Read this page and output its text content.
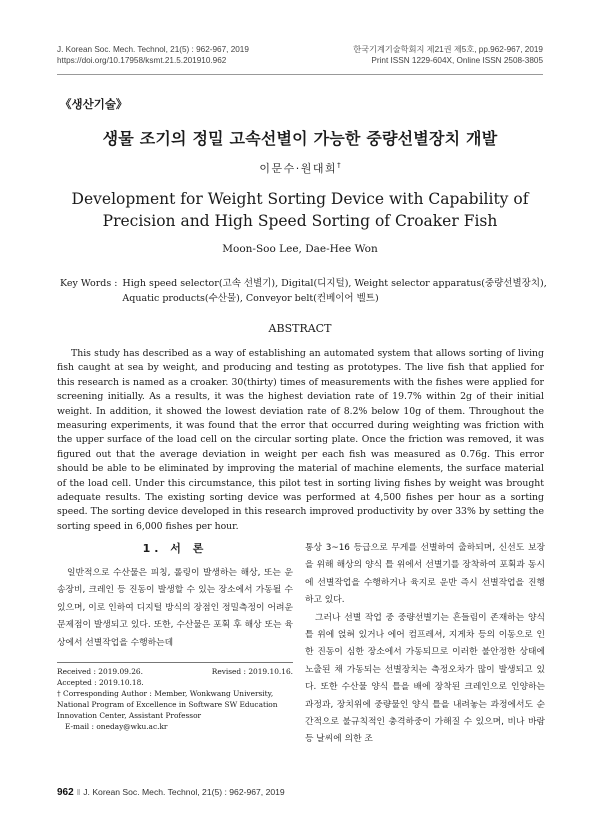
J. Korean Soc. Mech. Technol, 21(5) : 962-967, 2019	한국기계기술학회지 제21권 제5호, pp.962-967, 2019
https://doi.org/10.17958/ksmt.21.5.201910.962	Print ISSN 1229-604X, Online ISSN 2508-3805
《생산기술》
생물 조기의 정밀 고속선별이 가능한 중량선별장치 개발
이문수·원대희†
Development for Weight Sorting Device with Capability of
Precision and High Speed Sorting of Croaker Fish
Moon-Soo Lee, Dae-Hee Won
Key Words : High speed selector(고속 선별기), Digital(디지털), Weight selector apparatus(중량선별장치), Aquatic products(수산물), Conveyor belt(컨베이어 벨트)
ABSTRACT

This study has described as a way of establishing an automated system that allows sorting of living fish caught at sea by weight, and producing and testing as prototypes. The live fish that applied for this research is named as a croaker. 30(thirty) times of measurements with the fishes were applied for screening initially. As a results, it was the highest deviation rate of 19.7% within 2g of their initial weight. In addition, it showed the lowest deviation rate of 8.2% below 10g of them. Throughout the measuring experiments, it was found that the error that occurred during weighting was friction with the upper surface of the load cell on the circular sorting plate. Once the friction was removed, it was figured out that the average deviation in weight per each fish was measured as 0.76g. This error should be able to be eliminated by improving the material of machine elements, the surface material of the load cell. Under this circumstance, this pilot test in sorting living fishes by weight was brought adequate results. The existing sorting device was performed at 4,500 fishes per hour as a sorting speed. The sorting device developed in this research improved productivity by over 33% by setting the sorting speed in 6,000 fishes per hour.

1. 서 론

일반적으로 수산물은 피칭, 롤링이 발생하는 해상, 또는 운송장비, 크레인 등 진동이 발생할 수 있는 장소에서 가동될 수 있으며, 이로 인하여 디지털 방식의 장점인 정밀측정이 어려운 문제점이 발생되고 있다. 또한, 수산물은 포획 후 해상 또는 육상에서 선별작업을 수행하는데

Received : 2019.09.26.	Revised : 2019.10.16.
Accepted : 2019.10.18.
† Corresponding Author : Member, Wonkwang University, National Program of Excellence in Software SW Education Innovation Center, Assistant Professor
E-mail : oneday@wku.ac.kr

통상 3~16 등급으로 무게를 선별하여 출하되며, 신선도 보장을 위해 해상의 양식 틀 위에서 선별기를 장착하여 포획과 동시에 선별작업을 수행하거나 육지로 운반 즉시 선별작업을 진행하고 있다.

그러나 선별 작업 중 중량선별기는 흔들림이 존재하는 양식 틀 위에 얹혀 있거나 에어 컴프레셔, 지게차 등의 이동으로 인한 진동이 심한 장소에서 가동되므로 이러한 불안정한 상태에 노출된 채 가동되는 선별장치는 측정오차가 많이 발생되고 있다. 또한 수산물 양식 틀을 배에 장착된 크레인으로 인양하는 과정과, 장치위에 중량물인 양식 틀을 내려놓는 과정에서도 순간적으로 불규칙적인 충격하중이 가해질 수 있으며, 비나 바람 등 날씨에 의한 조

962 ‖ J. Korean Soc. Mech. Technol, 21(5) : 962-967, 2019
